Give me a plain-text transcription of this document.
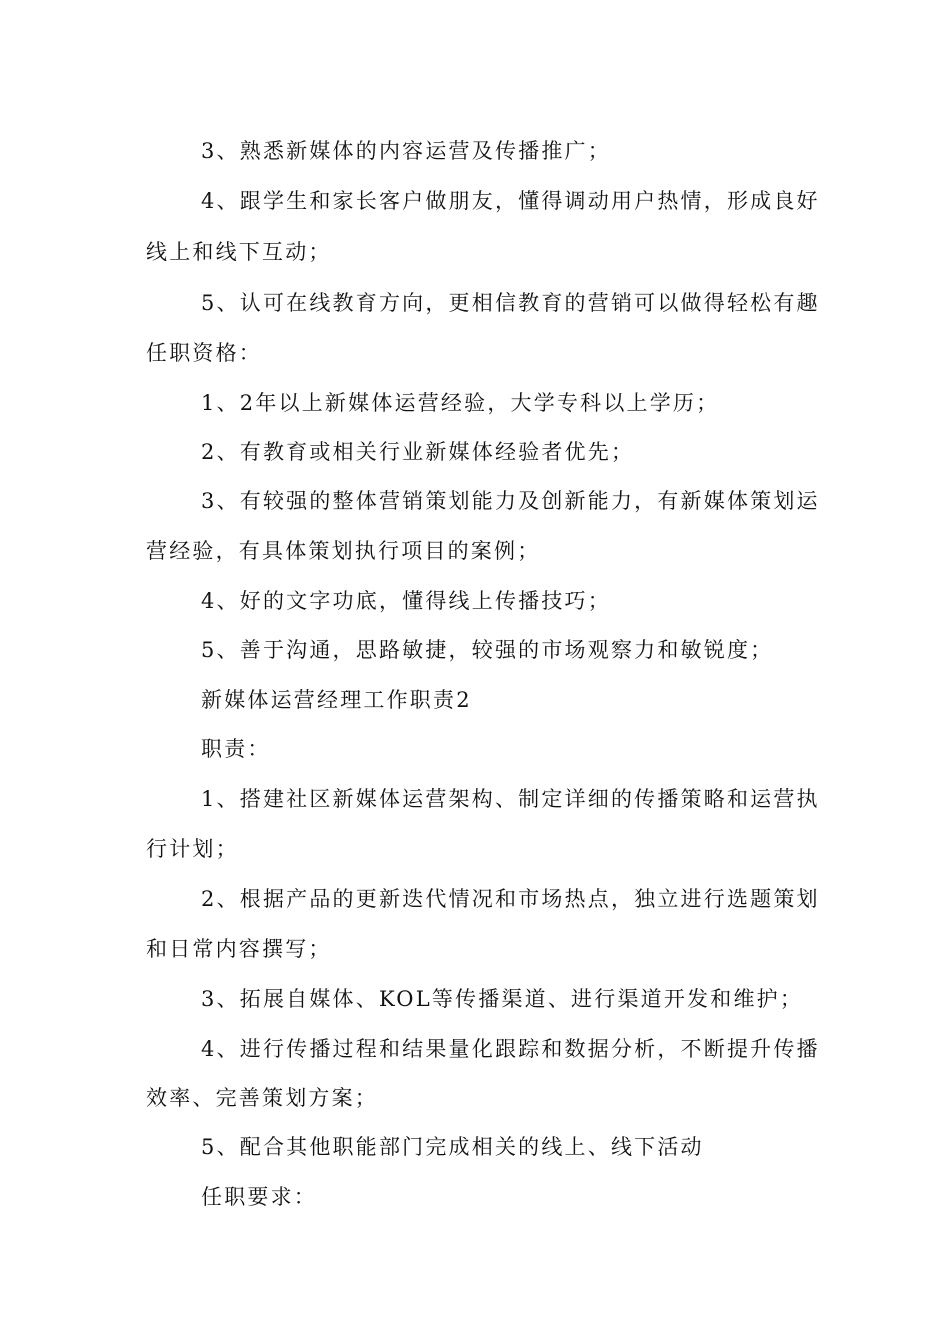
3、熟悉新媒体的内容运营及传播推广；
4、跟学生和家长客户做朋友，懂得调动用户热情，形成良好
线上和线下互动；
5、认可在线教育方向，更相信教育的营销可以做得轻松有趣
任职资格：
1、2年以上新媒体运营经验，大学专科以上学历；
2、有教育或相关行业新媒体经验者优先；
3、有较强的整体营销策划能力及创新能力，有新媒体策划运
营经验，有具体策划执行项目的案例；
4、好的文字功底，懂得线上传播技巧；
5、善于沟通，思路敏捷，较强的市场观察力和敏锐度；
新媒体运营经理工作职责2
职责：
1、搭建社区新媒体运营架构、制定详细的传播策略和运营执
行计划；
2、根据产品的更新迭代情况和市场热点，独立进行选题策划
和日常内容撰写；
3、拓展自媒体、KOL等传播渠道、进行渠道开发和维护；
4、进行传播过程和结果量化跟踪和数据分析，不断提升传播
效率、完善策划方案；
5、配合其他职能部门完成相关的线上、线下活动
任职要求：
